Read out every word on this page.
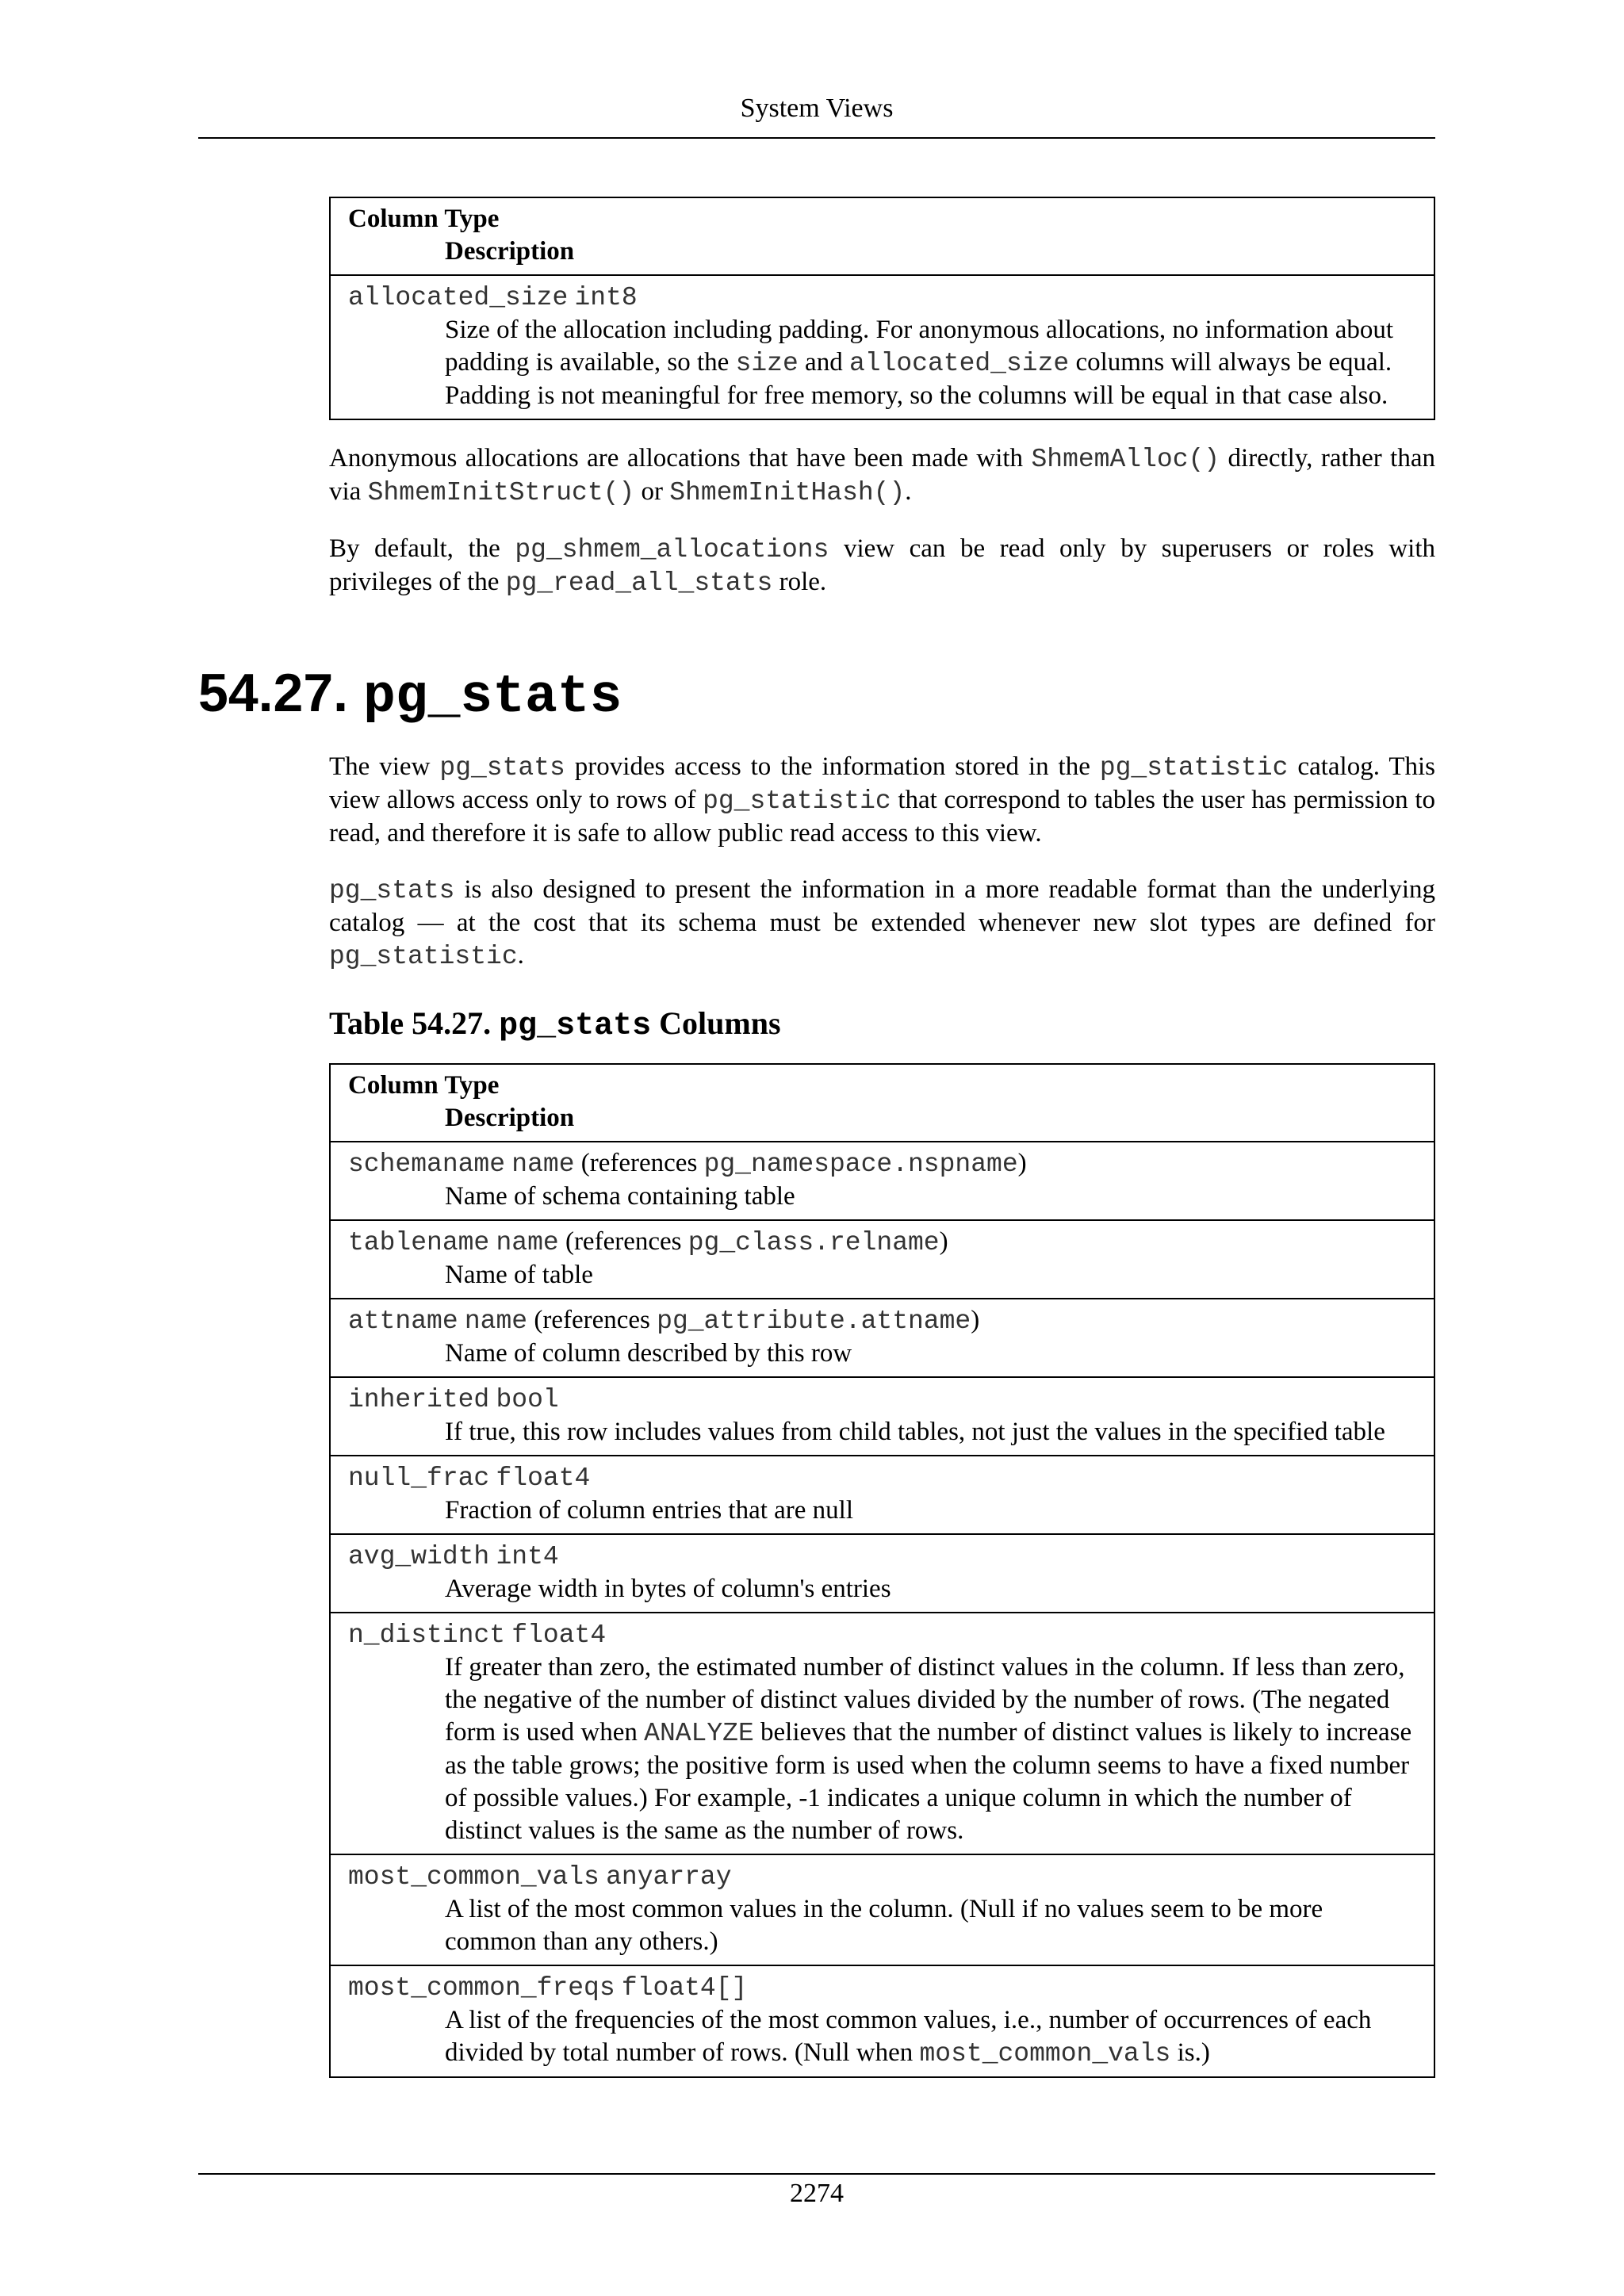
System Views
Column Type
Description
allocated_size int8
Size of the allocation including padding. For anonymous allocations, no information about padding is available, so the size and allocated_size columns will always be equal. Padding is not meaningful for free memory, so the columns will be equal in that case also.

Anonymous allocations are allocations that have been made with ShmemAlloc() directly, rather than via ShmemInitStruct() or ShmemInitHash().

By default, the pg_shmem_allocations view can be read only by superusers or roles with privileges of the pg_read_all_stats role.

54.27. pg_stats

The view pg_stats provides access to the information stored in the pg_statistic catalog. This view allows access only to rows of pg_statistic that correspond to tables the user has permission to read, and therefore it is safe to allow public read access to this view.

pg_stats is also designed to present the information in a more readable format than the underlying catalog — at the cost that its schema must be extended whenever new slot types are defined for pg_statistic.

Table 54.27. pg_stats Columns
Column Type
Description
schemaname name (references pg_namespace.nspname)
Name of schema containing table
tablename name (references pg_class.relname)
Name of table
attname name (references pg_attribute.attname)
Name of column described by this row
inherited bool
If true, this row includes values from child tables, not just the values in the specified table
null_frac float4
Fraction of column entries that are null
avg_width int4
Average width in bytes of column's entries
n_distinct float4
If greater than zero, the estimated number of distinct values in the column. If less than zero, the negative of the number of distinct values divided by the number of rows. (The negated form is used when ANALYZE believes that the number of distinct values is likely to increase as the table grows; the positive form is used when the column seems to have a fixed number of possible values.) For example, -1 indicates a unique column in which the number of distinct values is the same as the number of rows.
most_common_vals anyarray
A list of the most common values in the column. (Null if no values seem to be more common than any others.)
most_common_freqs float4[]
A list of the frequencies of the most common values, i.e., number of occurrences of each divided by total number of rows. (Null when most_common_vals is.)
2274
